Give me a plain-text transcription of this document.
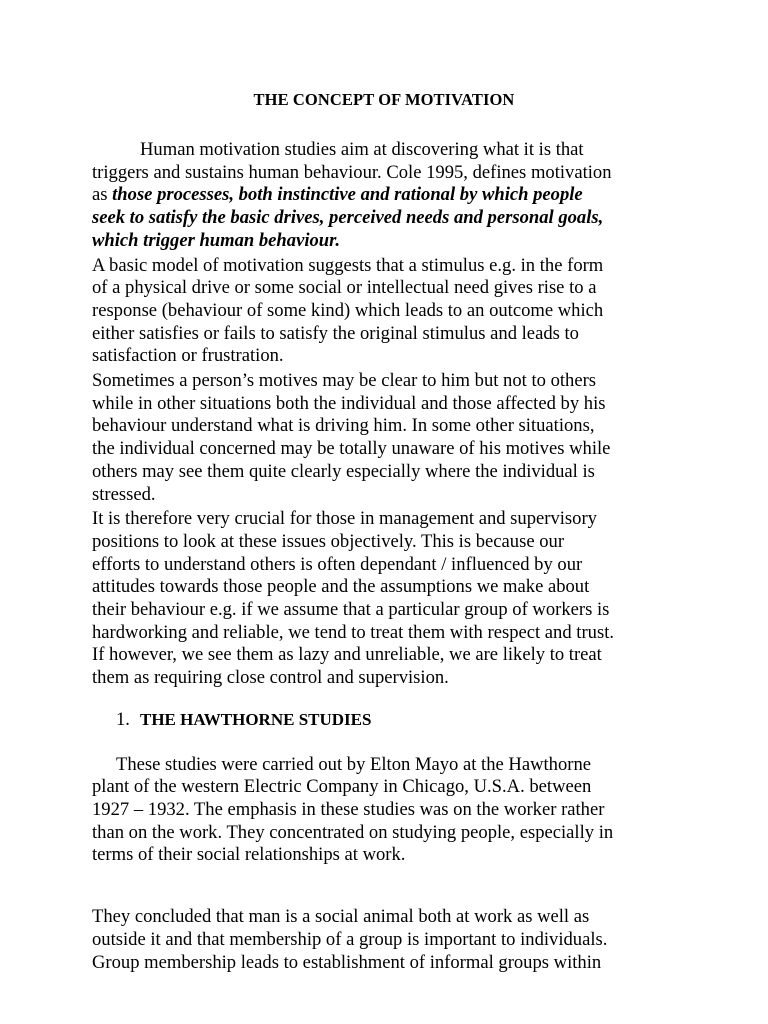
THE CONCEPT OF MOTIVATION

Human motivation studies aim at discovering what it is that
triggers and sustains human behaviour. Cole 1995, defines motivation
as those processes, both instinctive and rational by which people
seek to satisfy the basic drives, perceived needs and personal goals,
which trigger human behaviour.

A basic model of motivation suggests that a stimulus e.g. in the form
of a physical drive or some social or intellectual need gives rise to a
response (behaviour of some kind) which leads to an outcome which
either satisfies or fails to satisfy the original stimulus and leads to
satisfaction or frustration.

Sometimes a person’s motives may be clear to him but not to others
while in other situations both the individual and those affected by his
behaviour understand what is driving him. In some other situations,
the individual concerned may be totally unaware of his motives while
others may see them quite clearly especially where the individual is
stressed.

It is therefore very crucial for those in management and supervisory
positions to look at these issues objectively. This is because our
efforts to understand others is often dependant / influenced by our
attitudes towards those people and the assumptions we make about
their behaviour e.g. if we assume that a particular group of workers is
hardworking and reliable, we tend to treat them with respect and trust.
If however, we see them as lazy and unreliable, we are likely to treat
them as requiring close control and supervision.

1. THE HAWTHORNE STUDIES

These studies were carried out by Elton Mayo at the Hawthorne
plant of the western Electric Company in Chicago, U.S.A. between
1927 – 1932. The emphasis in these studies was on the worker rather
than on the work. They concentrated on studying people, especially in
terms of their social relationships at work.

They concluded that man is a social animal both at work as well as
outside it and that membership of a group is important to individuals.
Group membership leads to establishment of informal groups within
